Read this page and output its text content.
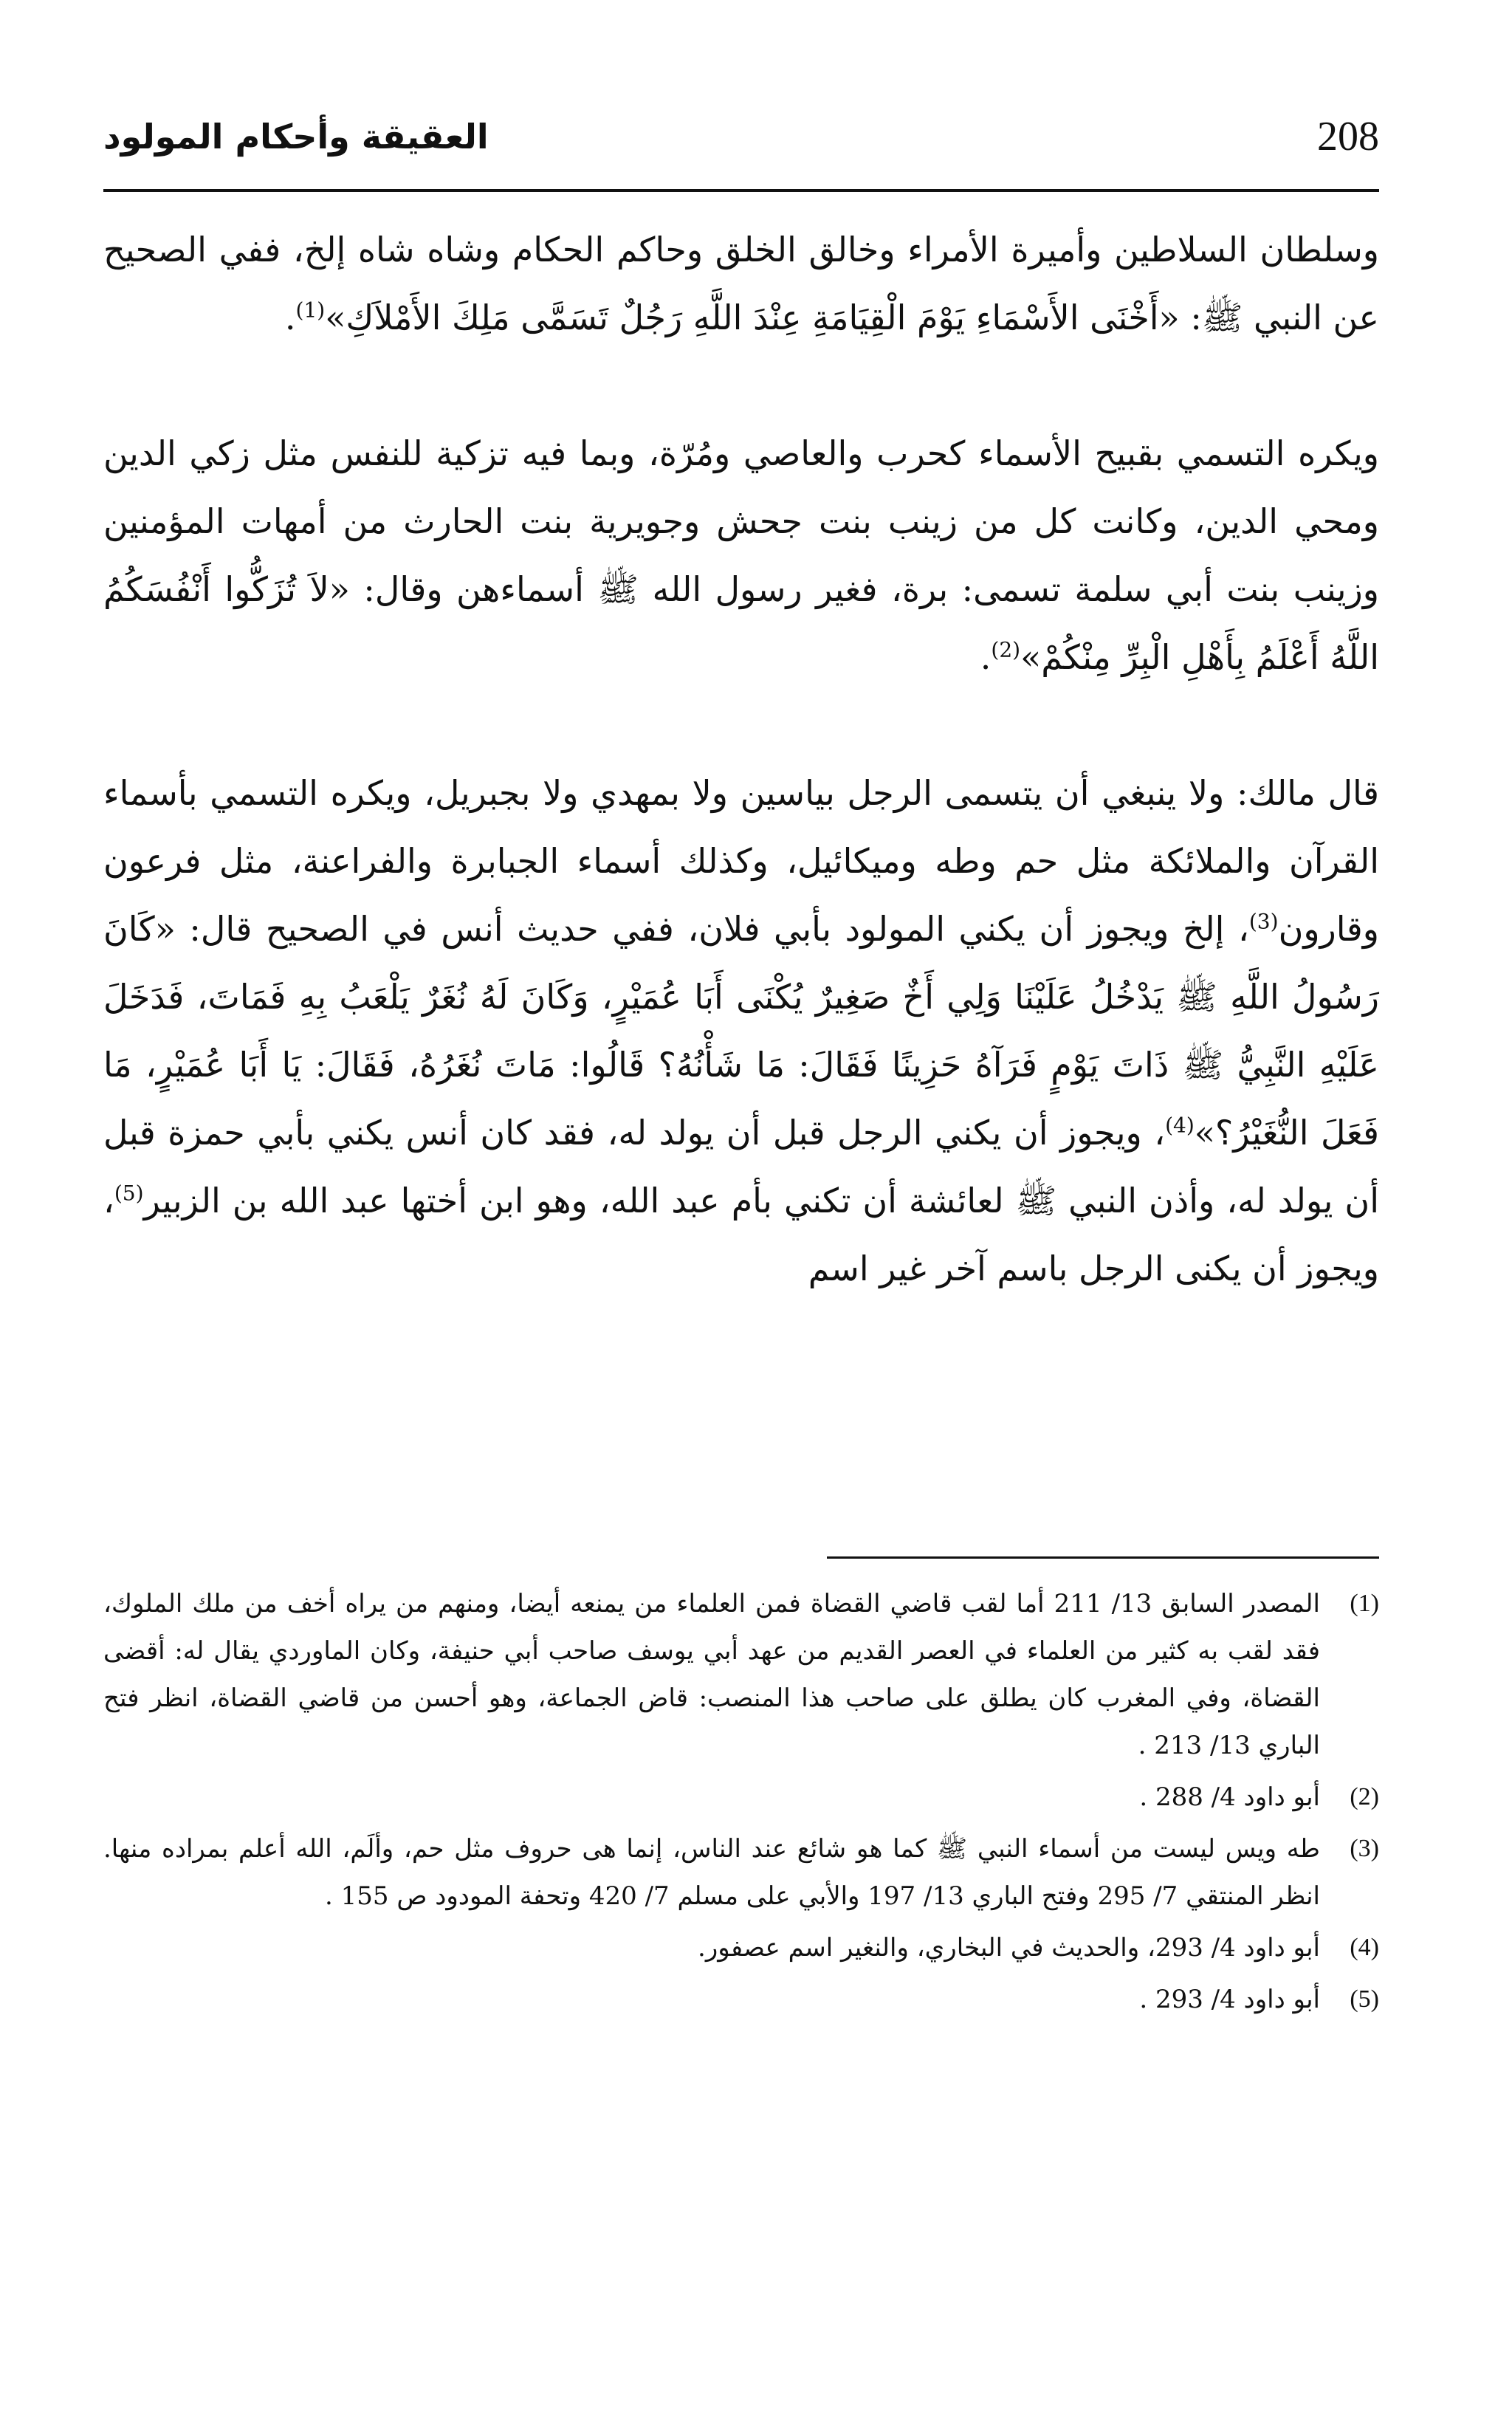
العقيقة وأحكام المولود	208

وسلطان السلاطين وأميرة الأمراء وخالق الخلق وحاكم الحكام وشاه شاه إلخ، ففي الصحيح عن النبي ﷺ: «أَخْنَى الأَسْمَاءِ يَوْمَ الْقِيَامَةِ عِنْدَ اللَّهِ رَجُلٌ تَسَمَّى مَلِكَ الأَمْلاَكِ»$^{(1)}$.

ويكره التسمي بقبيح الأسماء كحرب والعاصي ومُرّة، وبما فيه تزكية للنفس مثل زكي الدين ومحي الدين، وكانت كل من زينب بنت جحش وجويرية بنت الحارث من أمهات المؤمنين وزينب بنت أبي سلمة تسمى: برة، فغير رسول الله ﷺ أسماءهن وقال: «لاَ تُزَكُّوا أَنْفُسَكُمُ اللَّهُ أَعْلَمُ بِأَهْلِ الْبِرِّ مِنْكُمْ»$^{(2)}$.

قال مالك: ولا ينبغي أن يتسمى الرجل بياسين ولا بمهدي ولا بجبريل، ويكره التسمي بأسماء القرآن والملائكة مثل حم وطه وميكائيل، وكذلك أسماء الجبابرة والفراعنة، مثل فرعون وقارون$^{(3)}$، إلخ ويجوز أن يكني المولود بأبي فلان، ففي حديث أنس في الصحيح قال: «كَانَ رَسُولُ اللَّهِ ﷺ يَدْخُلُ عَلَيْنَا وَلِي أَخٌ صَغِيرٌ يُكْنَى أَبَا عُمَيْرٍ، وَكَانَ لَهُ نُغَرٌ يَلْعَبُ بِهِ فَمَاتَ، فَدَخَلَ عَلَيْهِ النَّبِيُّ ﷺ ذَاتَ يَوْمٍ فَرَآهُ حَزِينًا فَقَالَ: مَا شَأْنُهُ؟ قَالُوا: مَاتَ نُغَرُهُ، فَقَالَ: يَا أَبَا عُمَيْرٍ، مَا فَعَلَ النُّغَيْرُ؟»$^{(4)}$، ويجوز أن يكني الرجل قبل أن يولد له، فقد كان أنس يكني بأبي حمزة قبل أن يولد له، وأذن النبي ﷺ لعائشة أن تكني بأم عبد الله، وهو ابن أختها عبد الله بن الزبير$^{(5)}$، ويجوز أن يكنى الرجل باسم آخر غير اسم

(1)
المصدر السابق 13/ 211 أما لقب قاضي القضاة فمن العلماء من يمنعه أيضا، ومنهم من يراه أخف من ملك الملوك، فقد لقب به كثير من العلماء في العصر القديم من عهد أبي يوسف صاحب أبي حنيفة، وكان الماوردي يقال له: أقضى القضاة، وفي المغرب كان يطلق على صاحب هذا المنصب: قاض الجماعة، وهو أحسن من قاضي القضاة، انظر فتح الباري 13/ 213 .
(2)
أبو داود 4/ 288 .
(3)
طه ويس ليست من أسماء النبي ﷺ كما هو شائع عند الناس، إنما هى حروف مثل حم، وألَم، الله أعلم بمراده منها. انظر المنتقي 7/ 295 وفتح الباري 13/ 197 والأبي على مسلم 7/ 420 وتحفة المودود ص 155 .
(4)
أبو داود 4/ 293، والحديث في البخاري، والنغير اسم عصفور.
(5)
أبو داود 4/ 293 .
